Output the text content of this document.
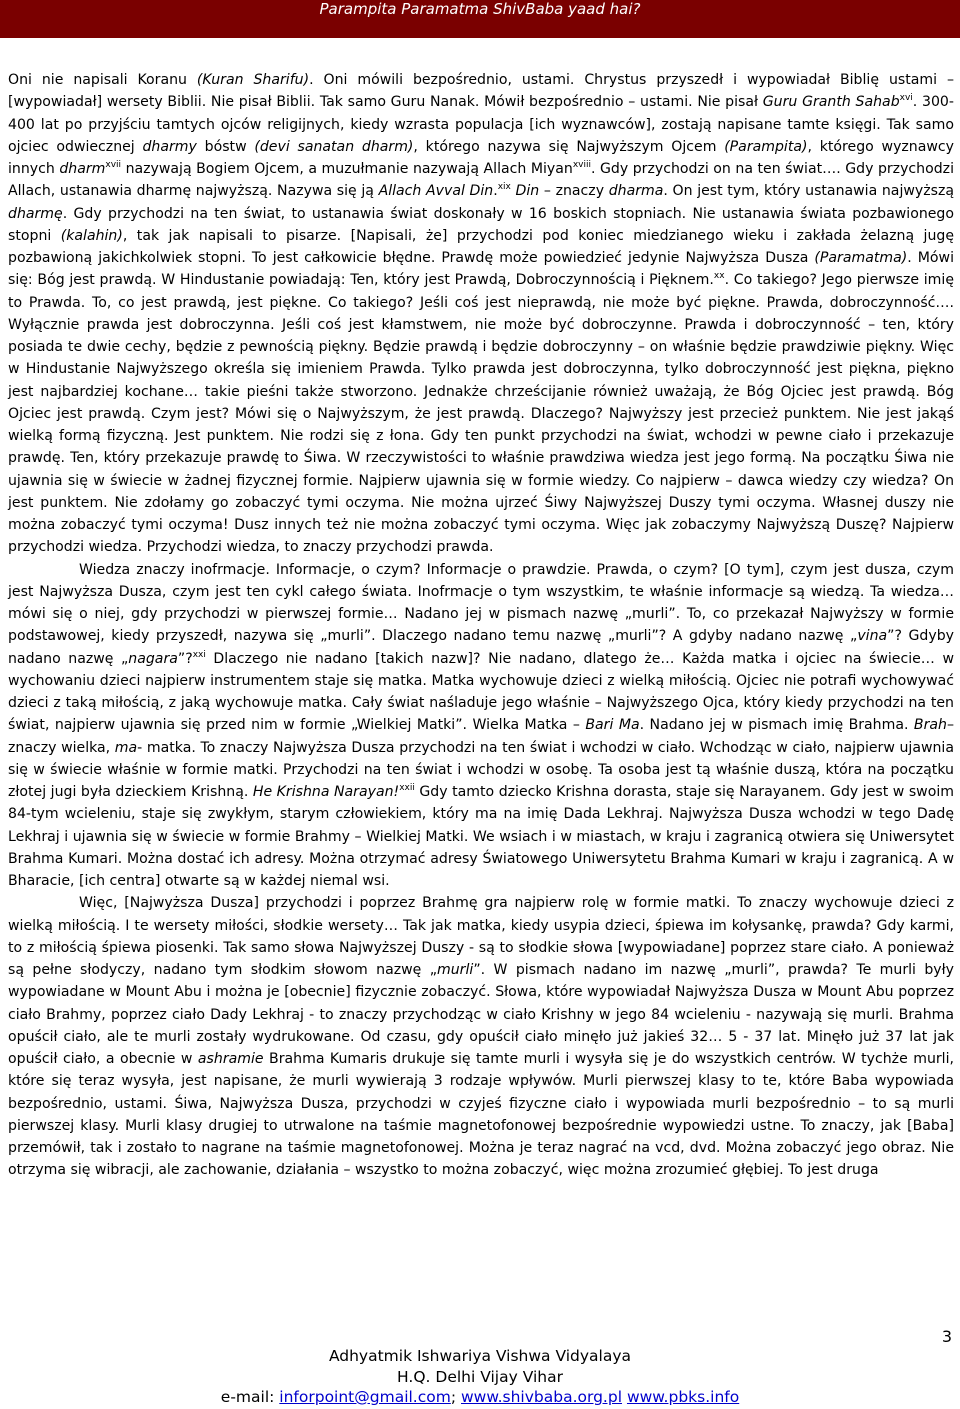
Parampita Paramatma ShivBaba yaad hai?

Oni nie napisali Koranu (Kuran Sharifu). Oni mówili bezpośrednio, ustami. Chrystus przyszedł i wypowiadał Biblię ustami – [wypowiadał] wersety Biblii. Nie pisał Biblii. Tak samo Guru Nanak. Mówił bezpośrednio – ustami. Nie pisał Guru Granth Sahab$^{xvi}$. 300- 400 lat po przyjściu tamtych ojców religijnych, kiedy wzrasta populacja [ich wyznawców], zostają napisane tamte księgi. Tak samo ojciec odwiecznej dharmy bóstw (devi sanatan dharm), którego nazywa się Najwyższym Ojcem (Parampita), którego wyznawcy innych dharm$^{xvii}$ nazywają Bogiem Ojcem, a muzułmanie nazywają Allach Miyan$^{xviii}$. Gdy przychodzi on na ten świat…. Gdy przychodzi Allach, ustanawia dharmę najwyższą. Nazywa się ją Allach Avval Din.$^{xix}$ Din – znaczy dharma. On jest tym, który ustanawia najwyższą dharmę. Gdy przychodzi na ten świat, to ustanawia świat doskonały w 16 boskich stopniach. Nie ustanawia świata pozbawionego stopni (kalahin), tak jak napisali to pisarze. [Napisali, że] przychodzi pod koniec miedzianego wieku i zakłada żelazną jugę pozbawioną jakichkolwiek stopni. To jest całkowicie błędne. Prawdę może powiedzieć jedynie Najwyższa Dusza (Paramatma). Mówi się: Bóg jest prawdą. W Hindustanie powiadają: Ten, który jest Prawdą, Dobroczynnością i Pięknem.$^{xx}$. Co takiego? Jego pierwsze imię to Prawda. To, co jest prawdą, jest piękne. Co takiego? Jeśli coś jest nieprawdą, nie może być piękne. Prawda, dobroczynność…. Wyłącznie prawda jest dobroczynna. Jeśli coś jest kłamstwem, nie może być dobroczynne. Prawda i dobroczynność – ten, który posiada te dwie cechy, będzie z pewnością piękny. Będzie prawdą i będzie dobroczynny – on właśnie będzie prawdziwie piękny. Więc w Hindustanie Najwyższego określa się imieniem Prawda. Tylko prawda jest dobroczynna, tylko dobroczynność jest piękna, piękno jest najbardziej kochane… takie pieśni także stworzono. Jednakże chrześcijanie również uważają, że Bóg Ojciec jest prawdą. Bóg Ojciec jest prawdą. Czym jest? Mówi się o Najwyższym, że jest prawdą. Dlaczego? Najwyższy jest przecież punktem. Nie jest jakąś wielką formą fizyczną. Jest punktem. Nie rodzi się z łona. Gdy ten punkt przychodzi na świat, wchodzi w pewne ciało i przekazuje prawdę. Ten, który przekazuje prawdę to Śiwa. W rzeczywistości to właśnie prawdziwa wiedza jest jego formą. Na początku Śiwa nie ujawnia się w świecie w żadnej fizycznej formie. Najpierw ujawnia się w formie wiedzy. Co najpierw – dawca wiedzy czy wiedza? On jest punktem. Nie zdołamy go zobaczyć tymi oczyma. Nie można ujrzeć Śiwy Najwyższej Duszy tymi oczyma. Własnej duszy nie można zobaczyć tymi oczyma! Dusz innych też nie można zobaczyć tymi oczyma. Więc jak zobaczymy Najwyższą Duszę? Najpierw przychodzi wiedza. Przychodzi wiedza, to znaczy przychodzi prawda.

Wiedza znaczy inofrmacje. Informacje, o czym? Informacje o prawdzie. Prawda, o czym? [O tym], czym jest dusza, czym jest Najwyższa Dusza, czym jest ten cykl całego świata. Inofrmacje o tym wszystkim, te właśnie informacje są wiedzą. Ta wiedza… mówi się o niej, gdy przychodzi w pierwszej formie… Nadano jej w pismach nazwę „murli”. To, co przekazał Najwyższy w formie podstawowej, kiedy przyszedł, nazywa się „murli”. Dlaczego nadano temu nazwę „murli”? A gdyby nadano nazwę „vina”? Gdyby nadano nazwę „nagara”?$^{xxi}$ Dlaczego nie nadano [takich nazw]? Nie nadano, dlatego że… Każda matka i ojciec na świecie… w wychowaniu dzieci najpierw instrumentem staje się matka. Matka wychowuje dzieci z wielką miłością. Ojciec nie potrafi wychowywać dzieci z taką miłością, z jaką wychowuje matka. Cały świat naśladuje jego właśnie – Najwyższego Ojca, który kiedy przychodzi na ten świat, najpierw ujawnia się przed nim w formie „Wielkiej Matki”. Wielka Matka – Bari Ma. Nadano jej w pismach imię Brahma. Brah– znaczy wielka, ma- matka. To znaczy Najwyższa Dusza przychodzi na ten świat i wchodzi w ciało. Wchodząc w ciało, najpierw ujawnia się w świecie właśnie w formie matki. Przychodzi na ten świat i wchodzi w osobę. Ta osoba jest tą właśnie duszą, która na początku złotej jugi była dzieckiem Krishną. He Krishna Narayan!$^{xxii}$ Gdy tamto dziecko Krishna dorasta, staje się Narayanem. Gdy jest w swoim 84-tym wcieleniu, staje się zwykłym, starym człowiekiem, który ma na imię Dada Lekhraj. Najwyższa Dusza wchodzi w tego Dadę Lekhraj i ujawnia się w świecie w formie Brahmy – Wielkiej Matki. We wsiach i w miastach, w kraju i zagranicą otwiera się Uniwersytet Brahma Kumari. Można dostać ich adresy. Można otrzymać adresy Światowego Uniwersytetu Brahma Kumari w kraju i zagranicą. A w Bharacie, [ich centra] otwarte są w każdej niemal wsi.

Więc, [Najwyższa Dusza] przychodzi i poprzez Brahmę gra najpierw rolę w formie matki. To znaczy wychowuje dzieci z wielką miłością. I te wersety miłości, słodkie wersety… Tak jak matka, kiedy usypia dzieci, śpiewa im kołysankę, prawda? Gdy karmi, to z miłością śpiewa piosenki. Tak samo słowa Najwyższej Duszy - są to słodkie słowa [wypowiadane] poprzez stare ciało. A ponieważ są pełne słodyczy, nadano tym słodkim słowom nazwę „murli”. W pismach nadano im nazwę „murli”, prawda? Te murli były wypowiadane w Mount Abu i można je [obecnie] fizycznie zobaczyć. Słowa, które wypowiadał Najwyższa Dusza w Mount Abu poprzez ciało Brahmy, poprzez ciało Dady Lekhraj - to znaczy przychodząc w ciało Krishny w jego 84 wcieleniu - nazywają się murli. Brahma opuścił ciało, ale te murli zostały wydrukowane. Od czasu, gdy opuścił ciało minęło już jakieś 32… 5 - 37 lat. Minęło już 37 lat jak opuścił ciało, a obecnie w ashramie Brahma Kumaris drukuje się tamte murli i wysyła się je do wszystkich centrów. W tychże murli, które się teraz wysyła, jest napisane, że murli wywierają 3 rodzaje wpływów. Murli pierwszej klasy to te, które Baba wypowiada bezpośrednio, ustami. Śiwa, Najwyższa Dusza, przychodzi w czyjeś fizyczne ciało i wypowiada murli bezpośrednio – to są murli pierwszej klasy. Murli klasy drugiej to utrwalone na taśmie magnetofonowej bezpośrednie wypowiedzi ustne. To znaczy, jak [Baba] przemówił, tak i zostało to nagrane na taśmie magnetofonowej. Można je teraz nagrać na vcd, dvd. Można zobaczyć jego obraz. Nie otrzyma się wibracji, ale zachowanie, działania – wszystko to można zobaczyć, więc można zrozumieć głębiej. To jest druga

3
Adhyatmik Ishwariya Vishwa Vidyalaya
H.Q. Delhi Vijay Vihar
e-mail: inforpoint@gmail.com; www.shivbaba.org.pl www.pbks.info
